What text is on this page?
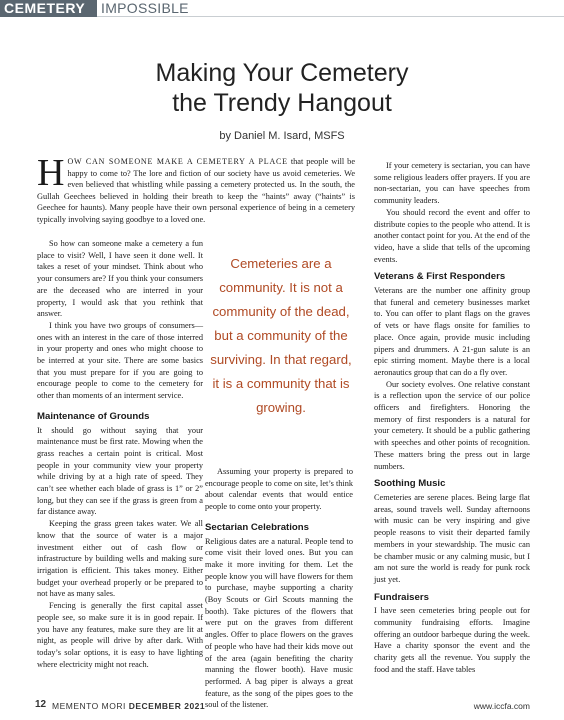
CEMETERY	IMPOSSIBLE
Making Your Cemetery
the Trendy Hangout
by Daniel M. Isard, MSFS
HOW CAN SOMEONE MAKE A CEMETERY A PLACE that people will be happy to come to? The lore and fiction of our society have us avoid cemeteries. We even believed that whistling while passing a cemetery protected us. In the south, the Gullah Geechees believed in holding their breath to keep the “haints” away (“haints” is Geechee for haunts). Many people have their own personal experience of being in a cemetery typically involving saying goodbye to a loved one.

So how can someone make a cemetery a fun place to visit? Well, I have seen it done well. It takes a reset of your mindset. Think about who your consumers are? If you think your consumers are the deceased who are interred in your property, I would ask that you rethink that answer.

I think you have two groups of consumers—ones with an interest in the care of those interred in your property and ones who might choose to be interred at your site. There are some basics that you must prepare for if you are going to encourage people to come to the cemetery for other than moments of an interment service.

Maintenance of Grounds

It should go without saying that your maintenance must be first rate. Mowing when the grass reaches a certain point is critical. Most people in your community view your property while driving by at a high rate of speed. They can’t see whether each blade of grass is 1” or 2” long, but they can see if the grass is green from a far distance away.

Keeping the grass green takes water. We all know that the source of water is a major investment either out of cash flow or infrastructure by building wells and making sure irrigation is efficient. This takes money. Either budget your overhead properly or be prepared to not have as many sales.

Fencing is generally the first capital asset people see, so make sure it is in good repair. If you have any features, make sure they are lit at night, as people will drive by after dark. With today’s solar options, it is easy to have lighting where electricity might not reach.

Cemeteries are a community. It is not a community of the dead, but a community of the surviving. In that regard, it is a community that is growing.

Assuming your property is prepared to encourage people to come on site, let’s think about calendar events that would entice people to come onto your property.

Sectarian Celebrations

Religious dates are a natural. People tend to come visit their loved ones. But you can make it more inviting for them. Let the people know you will have flowers for them to purchase, maybe supporting a charity (Boy Scouts or Girl Scouts manning the booth). Take pictures of the flowers that were put on the graves from different angles. Offer to place flowers on the graves of people who have had their kids move out of the area (again benefiting the charity manning the flower booth). Have music performed. A bag piper is always a great feature, as the song of the pipes goes to the soul of the listener.

If your cemetery is sectarian, you can have some religious leaders offer prayers. If you are non-sectarian, you can have speeches from community leaders.

You should record the event and offer to distribute copies to the people who attend. It is another contact point for you. At the end of the video, have a slide that tells of the upcoming events.

Veterans & First Responders

Veterans are the number one affinity group that funeral and cemetery businesses market to. You can offer to plant flags on the graves of vets or have flags onsite for families to place. Once again, provide music including pipers and drummers. A 21-gun salute is an epic stirring moment. Maybe there is a local aeronautics group that can do a fly over.

Our society evolves. One relative constant is a reflection upon the service of our police officers and firefighters. Honoring the memory of first responders is a natural for your cemetery. It should be a public gathering with speeches and other points of recognition. These matters bring the press out in large numbers.

Soothing Music

Cemeteries are serene places. Being large flat areas, sound travels well. Sunday afternoons with music can be very inspiring and give people reasons to visit their departed family members in your stewardship. The music can be chamber music or any calming music, but I am not sure the world is ready for punk rock just yet.

Fundraisers

I have seen cemeteries bring people out for community fundraising efforts. Imagine offering an outdoor barbeque during the week. Have a charity sponsor the event and the charity gets all the revenue. You supply the food and the staff. Have tables

12 MEMENTO MORI DECEMBER 2021	www.iccfa.com
